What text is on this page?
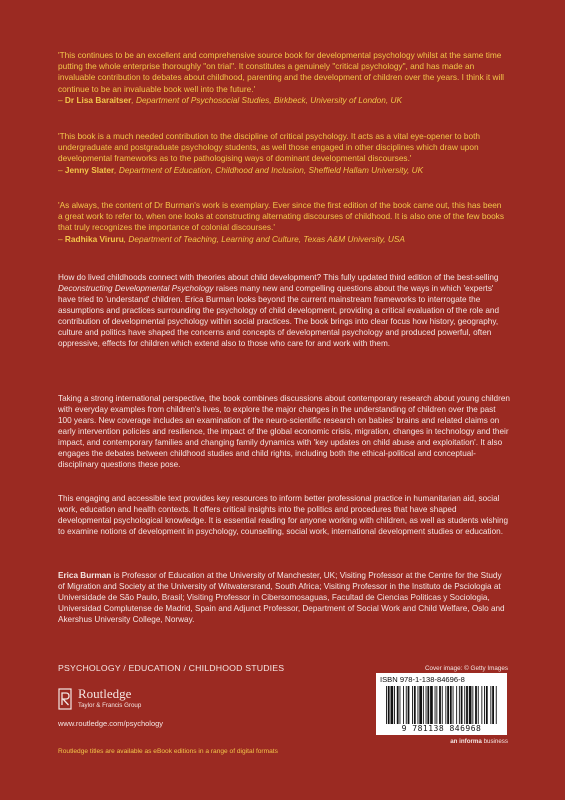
'This continues to be an excellent and comprehensive source book for developmental psychology whilst at the same time putting the whole enterprise thoroughly "on trial". It constitutes a genuinely "critical psychology", and has made an invaluable contribution to debates about childhood, parenting and the development of children over the years. I think it will continue to be an invaluable book well into the future.'
– Dr Lisa Baraitser, Department of Psychosocial Studies, Birkbeck, University of London, UK
'This book is a much needed contribution to the discipline of critical psychology. It acts as a vital eye-opener to both undergraduate and postgraduate psychology students, as well those engaged in other disciplines which draw upon developmental frameworks as to the pathologising ways of dominant developmental discourses.'
– Jenny Slater, Department of Education, Childhood and Inclusion, Sheffield Hallam University, UK
'As always, the content of Dr Burman's work is exemplary. Ever since the first edition of the book came out, this has been a great work to refer to, when one looks at constructing alternating discourses of childhood. It is also one of the few books that truly recognizes the importance of colonial discourses.'
– Radhika Viruru, Department of Teaching, Learning and Culture, Texas A&M University, USA
How do lived childhoods connect with theories about child development? This fully updated third edition of the best-selling Deconstructing Developmental Psychology raises many new and compelling questions about the ways in which 'experts' have tried to 'understand' children. Erica Burman looks beyond the current mainstream frameworks to interrogate the assumptions and practices surrounding the psychology of child development, providing a critical evaluation of the role and contribution of developmental psychology within social practices. The book brings into clear focus how history, geography, culture and politics have shaped the concerns and concepts of developmental psychology and produced powerful, often oppressive, effects for children which extend also to those who care for and work with them.
Taking a strong international perspective, the book combines discussions about contemporary research about young children with everyday examples from children's lives, to explore the major changes in the understanding of children over the past 100 years. New coverage includes an examination of the neuro-scientific research on babies' brains and related claims on early intervention policies and resilience, the impact of the global economic crisis, migration, changes in technology and their impact, and contemporary families and changing family dynamics with 'key updates on child abuse and exploitation'. It also engages the debates between childhood studies and child rights, including both the ethical-political and conceptual-disciplinary questions these pose.
This engaging and accessible text provides key resources to inform better professional practice in humanitarian aid, social work, education and health contexts. It offers critical insights into the politics and procedures that have shaped developmental psychological knowledge. It is essential reading for anyone working with children, as well as students wishing to examine notions of development in psychology, counselling, social work, international development studies or education.
Erica Burman is Professor of Education at the University of Manchester, UK; Visiting Professor at the Centre for the Study of Migration and Society at the University of Witwatersrand, South Africa; Visiting Professor in the Instituto de Psciologia at Universidade de São Paulo, Brasil; Visiting Professor in Cibersomosaguas, Facultad de Ciencias Politicas y Sociologia, Universidad Complutense de Madrid, Spain and Adjunct Professor, Department of Social Work and Child Welfare, Oslo and Akershus University College, Norway.
PSYCHOLOGY / EDUCATION / CHILDHOOD STUDIES
Routledge
Taylor & Francis Group
www.routledge.com/psychology
Routledge titles are available as eBook editions in a range of digital formats
Cover image: © Getty Images
ISBN 978-1-138-84696-8
9 781138 846968
an informa business
